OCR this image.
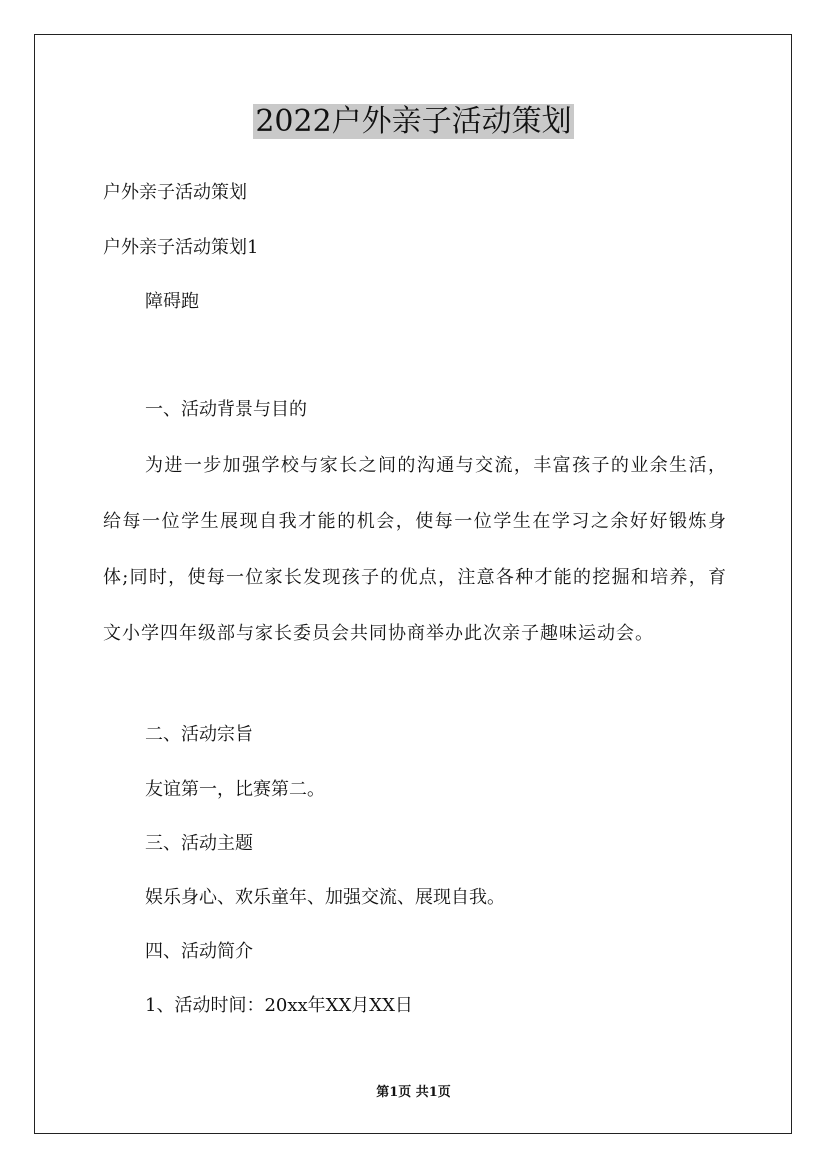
2022户外亲子活动策划

户外亲子活动策划

户外亲子活动策划1

障碍跑

一、活动背景与目的

为进一步加强学校与家长之间的沟通与交流，丰富孩子的业余生活，给每一位学生展现自我才能的机会，使每一位学生在学习之余好好锻炼身体;同时，使每一位家长发现孩子的优点，注意各种才能的挖掘和培养，育文小学四年级部与家长委员会共同协商举办此次亲子趣味运动会。

二、活动宗旨

友谊第一，比赛第二。

三、活动主题

娱乐身心、欢乐童年、加强交流、展现自我。

四、活动简介

1、活动时间：20xx年XX月XX日

第1页 共1页
